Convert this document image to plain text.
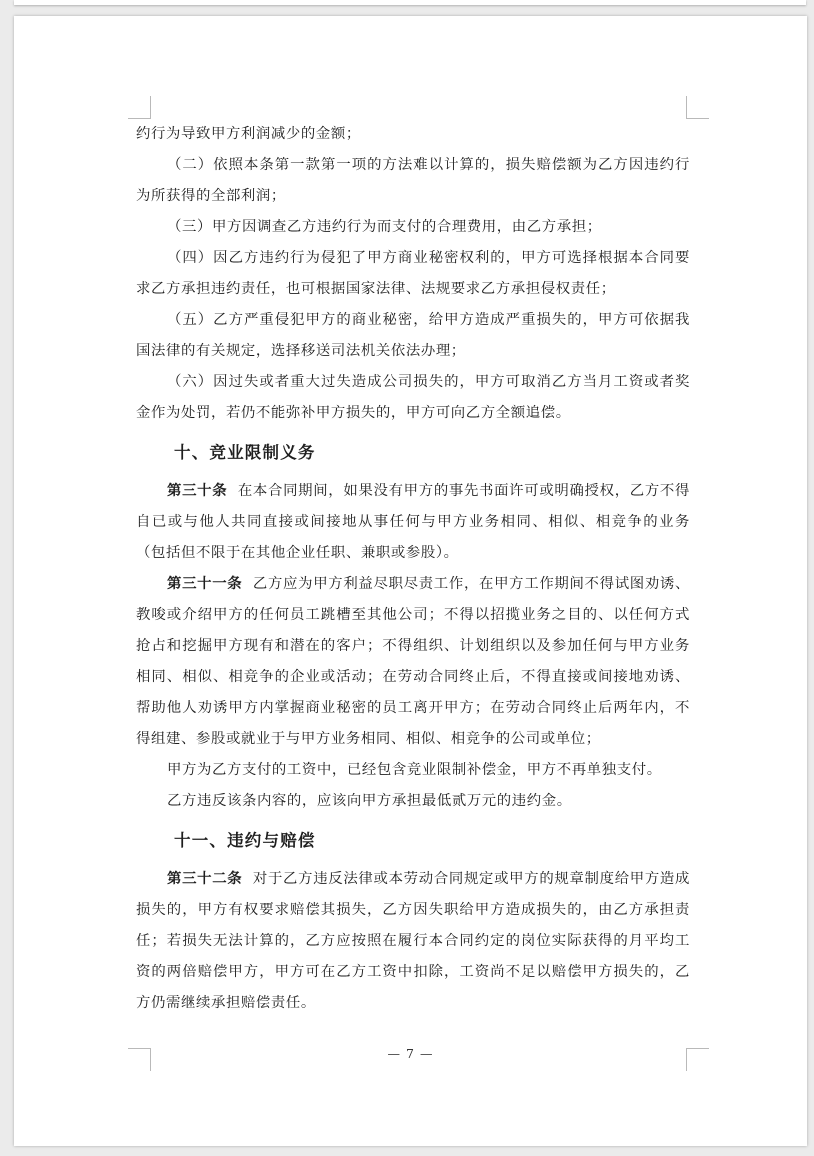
约行为导致甲方利润减少的金额；

（二）依照本条第一款第一项的方法难以计算的，损失赔偿额为乙方因违约行为所获得的全部利润；

（三）甲方因调查乙方违约行为而支付的合理费用，由乙方承担；

（四）因乙方违约行为侵犯了甲方商业秘密权利的，甲方可选择根据本合同要求乙方承担违约责任，也可根据国家法律、法规要求乙方承担侵权责任；

（五）乙方严重侵犯甲方的商业秘密，给甲方造成严重损失的，甲方可依据我国法律的有关规定，选择移送司法机关依法办理；

（六）因过失或者重大过失造成公司损失的，甲方可取消乙方当月工资或者奖金作为处罚，若仍不能弥补甲方损失的，甲方可向乙方全额追偿。

十、竞业限制义务

第三十条 在本合同期间，如果没有甲方的事先书面许可或明确授权，乙方不得自已或与他人共同直接或间接地从事任何与甲方业务相同、相似、相竞争的业务（包括但不限于在其他企业任职、兼职或参股）。

第三十一条 乙方应为甲方利益尽职尽责工作，在甲方工作期间不得试图劝诱、教唆或介绍甲方的任何员工跳槽至其他公司；不得以招揽业务之目的、以任何方式抢占和挖掘甲方现有和潜在的客户；不得组织、计划组织以及参加任何与甲方业务相同、相似、相竞争的企业或活动；在劳动合同终止后，不得直接或间接地劝诱、帮助他人劝诱甲方内掌握商业秘密的员工离开甲方；在劳动合同终止后两年内，不得组建、参股或就业于与甲方业务相同、相似、相竞争的公司或单位；

甲方为乙方支付的工资中，已经包含竞业限制补偿金，甲方不再单独支付。

乙方违反该条内容的，应该向甲方承担最低贰万元的违约金。

十一、违约与赔偿

第三十二条 对于乙方违反法律或本劳动合同规定或甲方的规章制度给甲方造成损失的，甲方有权要求赔偿其损失，乙方因失职给甲方造成损失的，由乙方承担责任；若损失无法计算的，乙方应按照在履行本合同约定的岗位实际获得的月平均工资的两倍赔偿甲方，甲方可在乙方工资中扣除，工资尚不足以赔偿甲方损失的，乙方仍需继续承担赔偿责任。

— 7 —
